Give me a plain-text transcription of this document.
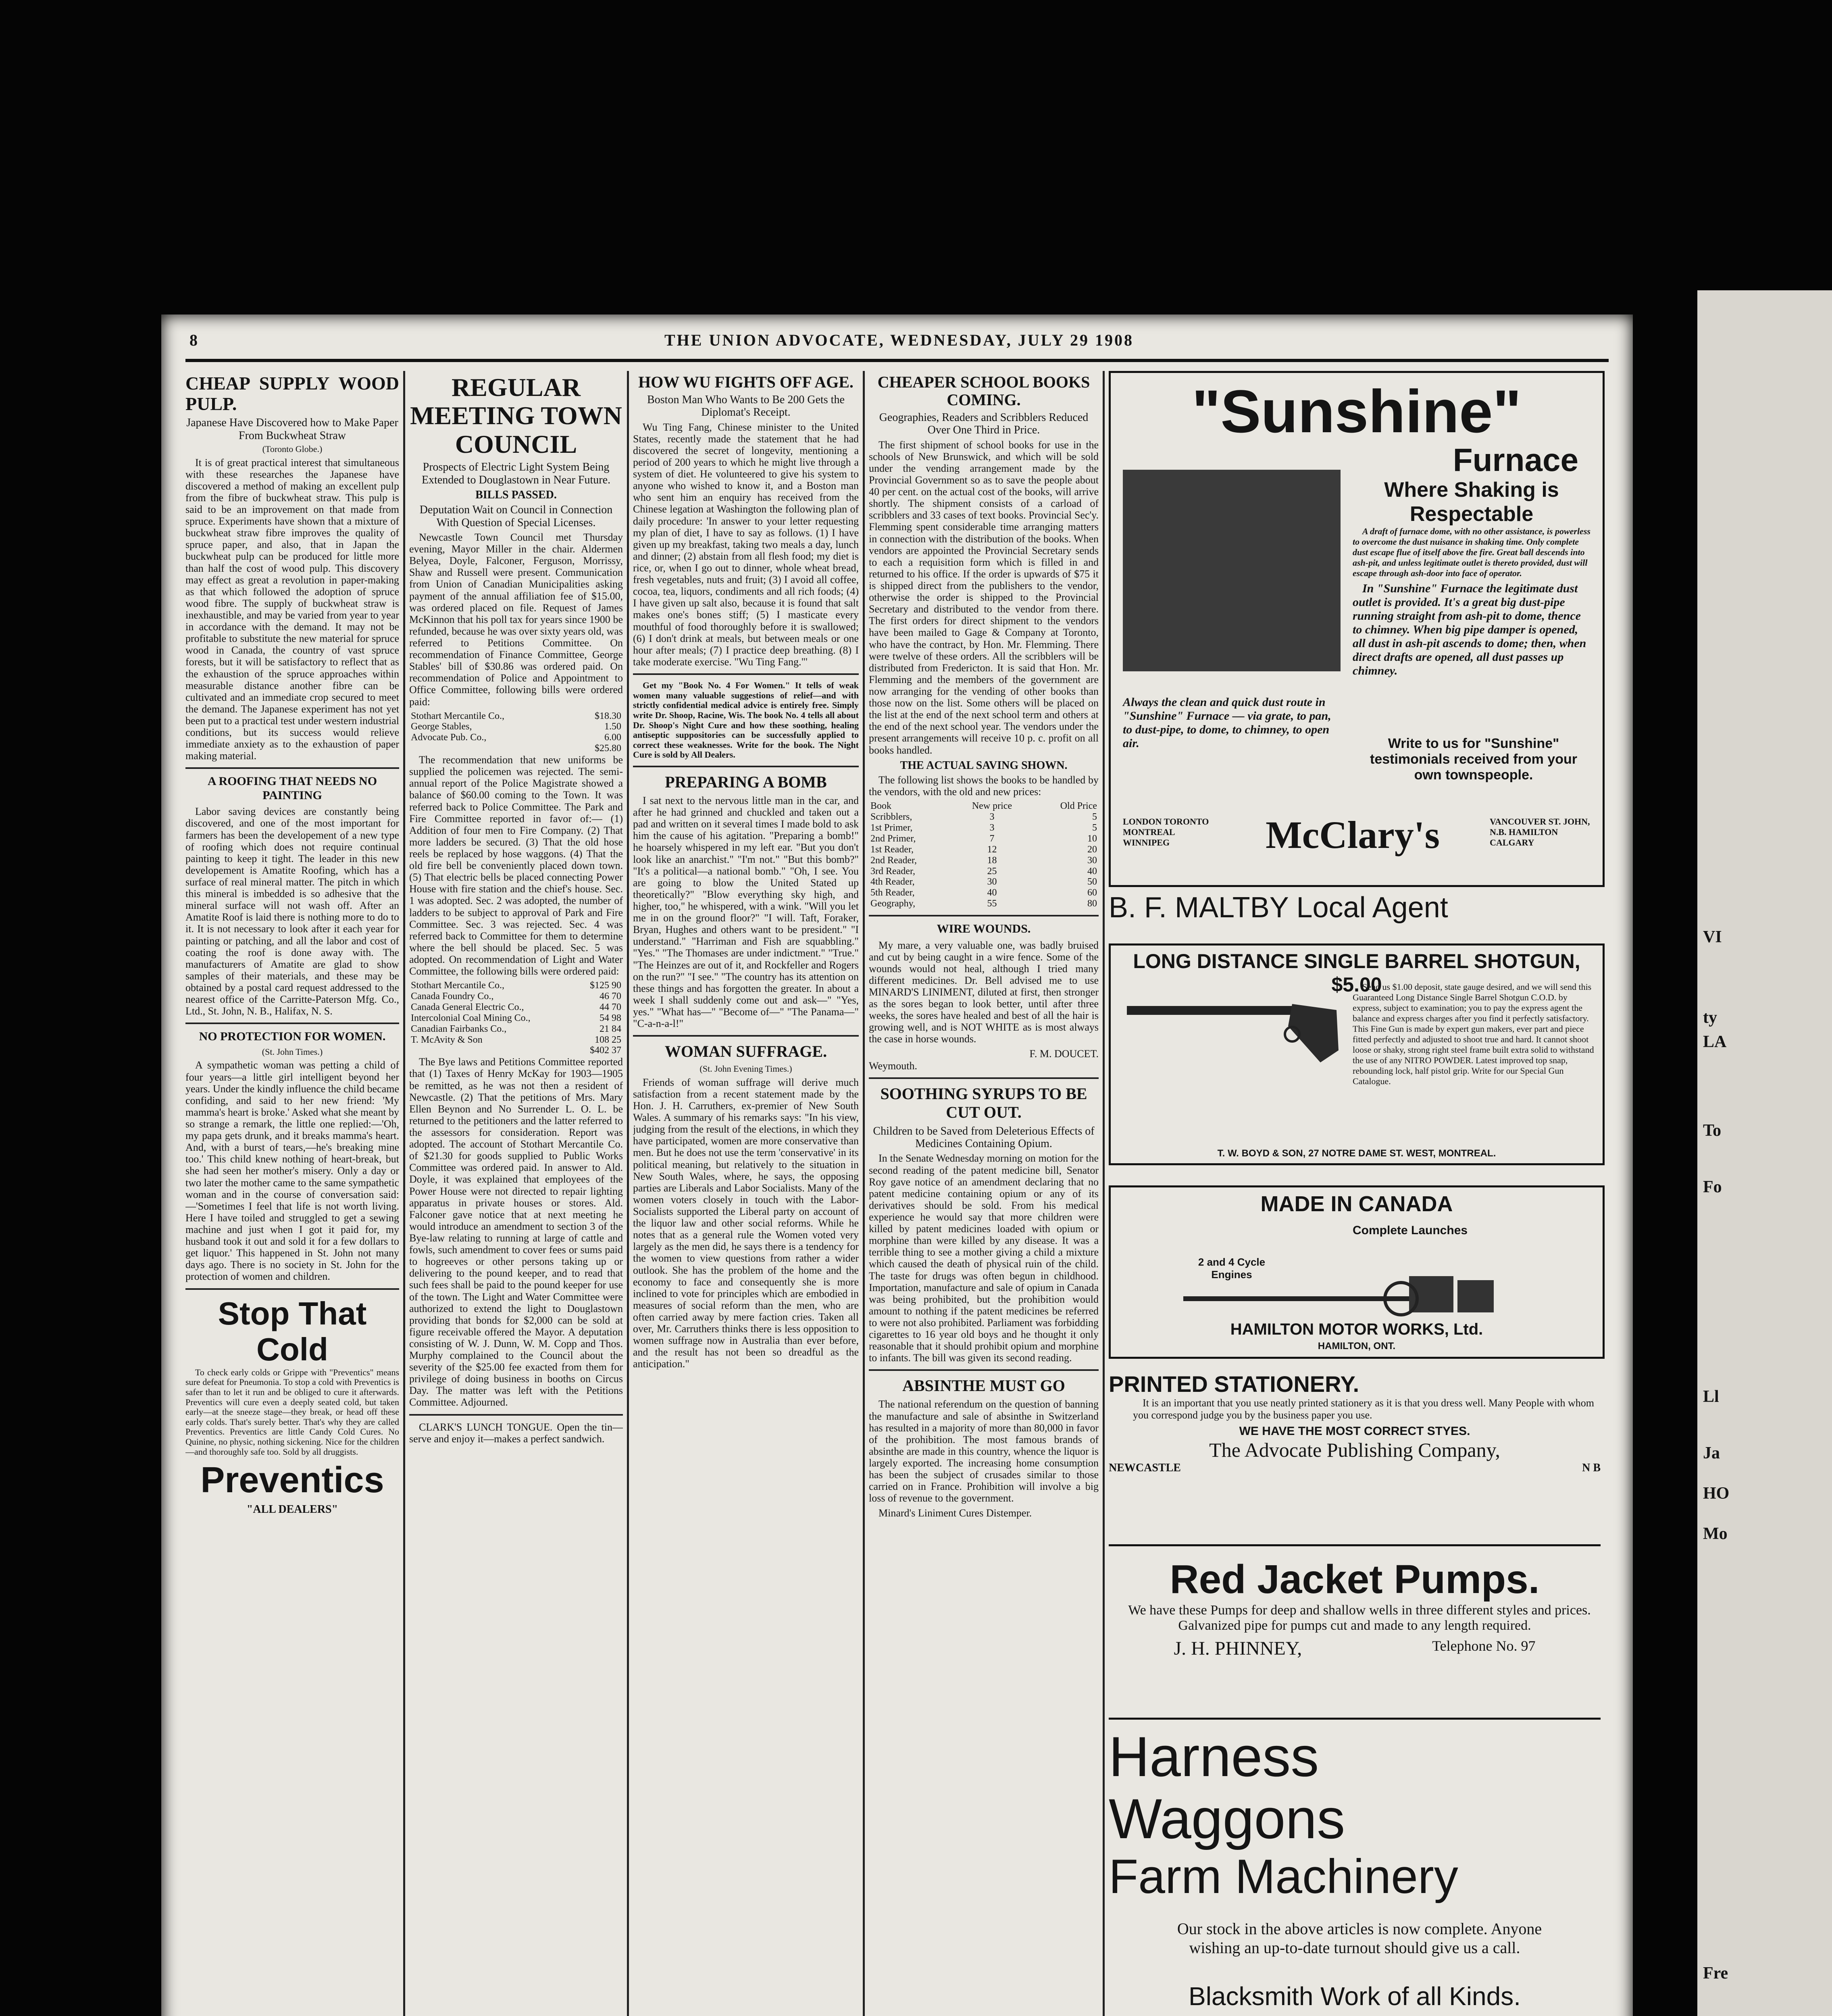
VI
ty
LA
To
Fo
Ll
Ja
HO
Mo
Fre
8	THE UNION ADVOCATE, WEDNESDAY, JULY 29 1908
CHEAP SUPPLY WOOD PULP.
Japanese Have Discovered how to Make Paper From Buckwheat Straw
(Toronto Globe.)

It is of great practical interest that simultaneous with these researches the Japanese have discovered a method of making an excellent pulp from the fibre of buckwheat straw. This pulp is said to be an improvement on that made from spruce. Experiments have shown that a mixture of buckwheat straw fibre improves the quality of spruce paper, and also, that in Japan the buckwheat pulp can be produced for little more than half the cost of wood pulp. This discovery may effect as great a revolution in paper-making as that which followed the adoption of spruce wood fibre. The supply of buckwheat straw is inexhaustible, and may be varied from year to year in accordance with the demand. It may not be profitable to substitute the new material for spruce wood in Canada, the country of vast spruce forests, but it will be satisfactory to reflect that as the exhaustion of the spruce approaches within measurable distance another fibre can be cultivated and an immediate crop secured to meet the demand. The Japanese experiment has not yet been put to a practical test under western industrial conditions, but its success would relieve immediate anxiety as to the exhaustion of paper making material.

A ROOFING THAT NEEDS NO PAINTING

Labor saving devices are constantly being discovered, and one of the most important for farmers has been the developement of a new type of roofing which does not require continual painting to keep it tight. The leader in this new developement is Amatite Roofing, which has a surface of real mineral matter. The pitch in which this mineral is imbedded is so adhesive that the mineral surface will not wash off. After an Amatite Roof is laid there is nothing more to do to it. It is not necessary to look after it each year for painting or patching, and all the labor and cost of coating the roof is done away with. The manufacturers of Amatite are glad to show samples of their materials, and these may be obtained by a postal card request addressed to the nearest office of the Carritte-Paterson Mfg. Co., Ltd., St. John, N. B., Halifax, N. S.

NO PROTECTION FOR WOMEN.
(St. John Times.)

A sympathetic woman was petting a child of four years—a little girl intelligent beyond her years. Under the kindly influence the child became confiding, and said to her new friend: 'My mamma's heart is broke.' Asked what she meant by so strange a remark, the little one replied:—'Oh, my papa gets drunk, and it breaks mamma's heart. And, with a burst of tears,—he's breaking mine too.' This child knew nothing of heart-break, but she had seen her mother's misery. Only a day or two later the mother came to the same sympathetic woman and in the course of conversation said:—'Sometimes I feel that life is not worth living. Here I have toiled and struggled to get a sewing machine and just when I got it paid for, my husband took it out and sold it for a few dollars to get liquor.' This happened in St. John not many days ago. There is no society in St. John for the protection of women and children.

Stop That Cold

To check early colds or Grippe with "Preventics" means sure defeat for Pneumonia. To stop a cold with Preventics is safer than to let it run and be obliged to cure it afterwards. Preventics will cure even a deeply seated cold, but taken early—at the sneeze stage—they break, or head off these early colds. That's surely better. That's why they are called Preventics. Preventics are little Candy Cold Cures. No Quinine, no physic, nothing sickening. Nice for the children—and thoroughly safe too. Sold by all druggists.

Preventics
"ALL DEALERS"
REGULAR MEETING TOWN COUNCIL
Prospects of Electric Light System Being Extended to Douglastown in Near Future.
BILLS PASSED.
Deputation Wait on Council in Connection With Question of Special Licenses.

Newcastle Town Council met Thursday evening, Mayor Miller in the chair. Aldermen Belyea, Doyle, Falconer, Ferguson, Morrissy, Shaw and Russell were present. Communication from Union of Canadian Municipalities asking payment of the annual affiliation fee of $15.00, was ordered placed on file. Request of James McKinnon that his poll tax for years since 1900 be refunded, because he was over sixty years old, was referred to Petitions Committee. On recommendation of Finance Committee, George Stables' bill of $30.86 was ordered paid. On recommendation of Police and Appointment to Office Committee, following bills were ordered paid:

Stothart Mercantile Co.,	$18.30
George Stables,	1.50
Advocate Pub. Co.,	6.00
	$25.80

The recommendation that new uniforms be supplied the policemen was rejected. The semi-annual report of the Police Magistrate showed a balance of $60.00 coming to the Town. It was referred back to Police Committee. The Park and Fire Committee reported in favor of:— (1) Addition of four men to Fire Company. (2) That more ladders be secured. (3) That the old hose reels be replaced by hose waggons. (4) That the old fire bell be conveniently placed down town. (5) That electric bells be placed connecting Power House with fire station and the chief's house. Sec. 1 was adopted. Sec. 2 was adopted, the number of ladders to be subject to approval of Park and Fire Committee. Sec. 3 was rejected. Sec. 4 was referred back to Committee for them to determine where the bell should be placed. Sec. 5 was adopted. On recommendation of Light and Water Committee, the following bills were ordered paid:

Stothart Mercantile Co.,	$125 90
Canada Foundry Co.,	46 70
Canada General Electric Co.,	44 70
Intercolonial Coal Mining Co.,	54 98
Canadian Fairbanks Co.,	21 84
T. McAvity & Son	108 25
	$402 37

The Bye laws and Petitions Committee reported that (1) Taxes of Henry McKay for 1903—1905 be remitted, as he was not then a resident of Newcastle. (2) That the petitions of Mrs. Mary Ellen Beynon and No Surrender L. O. L. be returned to the petitioners and the latter referred to the assessors for consideration. Report was adopted. The account of Stothart Mercantile Co. of $21.30 for goods supplied to Public Works Committee was ordered paid. In answer to Ald. Doyle, it was explained that employees of the Power House were not directed to repair lighting apparatus in private houses or stores. Ald. Falconer gave notice that at next meeting he would introduce an amendment to section 3 of the Bye-law relating to running at large of cattle and fowls, such amendment to cover fees or sums paid to hogreeves or other persons taking up or delivering to the pound keeper, and to read that such fees shall be paid to the pound keeper for use of the town. The Light and Water Committee were authorized to extend the light to Douglastown providing that bonds for $2,000 can be sold at figure receivable offered the Mayor. A deputation consisting of W. J. Dunn, W. M. Copp and Thos. Murphy complained to the Council about the severity of the $25.00 fee exacted from them for privilege of doing business in booths on Circus Day. The matter was left with the Petitions Committee. Adjourned.

CLARK'S LUNCH TONGUE. Open the tin—serve and enjoy it—makes a perfect sandwich.

HOW WU FIGHTS OFF AGE.
Boston Man Who Wants to Be 200 Gets the Diplomat's Receipt.

Wu Ting Fang, Chinese minister to the United States, recently made the statement that he had discovered the secret of longevity, mentioning a period of 200 years to which he might live through a system of diet. He volunteered to give his system to anyone who wished to know it, and a Boston man who sent him an enquiry has received from the Chinese legation at Washington the following plan of daily procedure: 'In answer to your letter requesting my plan of diet, I have to say as follows. (1) I have given up my breakfast, taking two meals a day, lunch and dinner; (2) abstain from all flesh food; my diet is rice, or, when I go out to dinner, whole wheat bread, fresh vegetables, nuts and fruit; (3) I avoid all coffee, cocoa, tea, liquors, condiments and all rich foods; (4) I have given up salt also, because it is found that salt makes one's bones stiff; (5) I masticate every mouthful of food thoroughly before it is swallowed; (6) I don't drink at meals, but between meals or one hour after meals; (7) I practice deep breathing. (8) I take moderate exercise. "Wu Ting Fang."'

Get my "Book No. 4 For Women." It tells of weak women many valuable suggestions of relief—and with strictly confidential medical advice is entirely free. Simply write Dr. Shoop, Racine, Wis. The book No. 4 tells all about Dr. Shoop's Night Cure and how these soothing, healing antiseptic suppositories can be successfully applied to correct these weaknesses. Write for the book. The Night Cure is sold by All Dealers.

PREPARING A BOMB

I sat next to the nervous little man in the car, and after he had grinned and chuckled and taken out a pad and written on it several times I made bold to ask him the cause of his agitation. "Preparing a bomb!" he hoarsely whispered in my left ear. "But you don't look like an anarchist." "I'm not." "But this bomb?" "It's a political—a national bomb." "Oh, I see. You are going to blow the United Stated up theoretically?" "Blow everything sky high, and higher, too," he whispered, with a wink. "Will you let me in on the ground floor?" "I will. Taft, Foraker, Bryan, Hughes and others want to be president." "I understand." "Harriman and Fish are squabbling." "Yes." "The Thomases are under indictment." "True." "The Heinzes are out of it, and Rockfeller and Rogers on the run?" "I see." "The country has its attention on these things and has forgotten the greater. In about a week I shall suddenly come out and ask—" "Yes, yes." "What has—" "Become of—" "The Panama—" "C-a-n-a-l!"

WOMAN SUFFRAGE.
(St. John Evening Times.)

Friends of woman suffrage will derive much satisfaction from a recent statement made by the Hon. J. H. Carruthers, ex-premier of New South Wales. A summary of his remarks says: "In his view, judging from the result of the elections, in which they have participated, women are more conservative than men. But he does not use the term 'conservative' in its political meaning, but relatively to the situation in New South Wales, where, he says, the opposing parties are Liberals and Labor Socialists. Many of the women voters closely in touch with the Labor-Socialists supported the Liberal party on account of the liquor law and other social reforms. While he notes that as a general rule the Women voted very largely as the men did, he says there is a tendency for the women to view questions from rather a wider outlook. She has the problem of the home and the economy to face and consequently she is more inclined to vote for principles which are embodied in measures of social reform than the men, who are often carried away by mere faction cries. Taken all over, Mr. Carruthers thinks there is less opposition to women suffrage now in Australia than ever before, and the result has not been so dreadful as the anticipation."

CHEAPER SCHOOL BOOKS COMING.
Geographies, Readers and Scribblers Reduced Over One Third in Price.

The first shipment of school books for use in the schools of New Brunswick, and which will be sold under the vending arrangement made by the Provincial Government so as to save the people about 40 per cent. on the actual cost of the books, will arrive shortly. The shipment consists of a carload of scribblers and 33 cases of text books. Provincial Sec'y. Flemming spent considerable time arranging matters in connection with the distribution of the books. When vendors are appointed the Provincial Secretary sends to each a requisition form which is filled in and returned to his office. If the order is upwards of $75 it is shipped direct from the publishers to the vendor, otherwise the order is shipped to the Provincial Secretary and distributed to the vendor from there. The first orders for direct shipment to the vendors have been mailed to Gage & Company at Toronto, who have the contract, by Hon. Mr. Flemming. There were twelve of these orders. All the scribblers will be distributed from Fredericton. It is said that Hon. Mr. Flemming and the members of the government are now arranging for the vending of other books than those now on the list. Some others will be placed on the list at the end of the next school term and others at the end of the next school year. The vendors under the present arrangements will receive 10 p. c. profit on all books handled.

THE ACTUAL SAVING SHOWN.

The following list shows the books to be handled by the vendors, with the old and new prices:

Book	New price	Old Price
Scribblers,	3	5
1st Primer,	3	5
2nd Primer,	7	10
1st Reader,	12	20
2nd Reader,	18	30
3rd Reader,	25	40
4th Reader,	30	50
5th Reader,	40	60
Geography,	55	80
WIRE WOUNDS.

My mare, a very valuable one, was badly bruised and cut by being caught in a wire fence. Some of the wounds would not heal, although I tried many different medicines. Dr. Bell advised me to use MINARD'S LINIMENT, diluted at first, then stronger as the sores began to look better, until after three weeks, the sores have healed and best of all the hair is growing well, and is NOT WHITE as is most always the case in horse wounds.

F. M. DOUCET.
Weymouth.
SOOTHING SYRUPS TO BE CUT OUT.
Children to be Saved from Deleterious Effects of Medicines Containing Opium.

In the Senate Wednesday morning on motion for the second reading of the patent medicine bill, Senator Roy gave notice of an amendment declaring that no patent medicine containing opium or any of its derivatives should be sold. From his medical experience he would say that more children were killed by patent medicines loaded with opium or morphine than were killed by any disease. It was a terrible thing to see a mother giving a child a mixture which caused the death of physical ruin of the child. The taste for drugs was often begun in childhood. Importation, manufacture and sale of opium in Canada was being prohibited, but the prohibition would amount to nothing if the patent medicines be referred to were not also prohibited. Parliament was forbidding cigarettes to 16 year old boys and he thought it only reasonable that it should prohibit opium and morphine to infants. The bill was given its second reading.

ABSINTHE MUST GO

The national referendum on the question of banning the manufacture and sale of absinthe in Switzerland has resulted in a majority of more than 80,000 in favor of the prohibition. The most famous brands of absinthe are made in this country, whence the liquor is largely exported. The increasing home consumption has been the subject of crusades similar to those carried on in France. Prohibition will involve a big loss of revenue to the government.

Minard's Liniment Cures Distemper.

"Sunshine"
Furnace
Where Shaking is Respectable

A draft of furnace dome, with no other assistance, is powerless to overcome the dust nuisance in shaking time. Only complete dust escape flue of itself above the fire. Great ball descends into ash-pit, and unless legitimate outlet is thereto provided, dust will escape through ash-door into face of operator.

In "Sunshine" Furnace the legitimate dust outlet is provided. It's a great big dust-pipe running straight from ash-pit to dome, thence to chimney. When big pipe damper is opened, all dust in ash-pit ascends to dome; then, when direct drafts are opened, all dust passes up chimney.

Always the clean and quick dust route in "Sunshine" Furnace — via grate, to pan, to dust-pipe, to dome, to chimney, to open air.	Write to us for "Sunshine" testimonials received from your own townspeople.
LONDON TORONTO MONTREAL WINNIPEG	McClary's	VANCOUVER ST. JOHN, N.B. HAMILTON CALGARY
B. F. MALTBY Local Agent
LONG DISTANCE SINGLE BARREL SHOTGUN, $5.00

Send us $1.00 deposit, state gauge desired, and we will send this Guaranteed Long Distance Single Barrel Shotgun C.O.D. by express, subject to examination; you to pay the express agent the balance and express charges after you find it perfectly satisfactory. This Fine Gun is made by expert gun makers, ever part and piece fitted perfectly and adjusted to shoot true and hard. It cannot shoot loose or shaky, strong right steel frame built extra solid to withstand the use of any NITRO POWDER. Latest improved top snap, rebounding lock, half pistol grip. Write for our Special Gun Catalogue.

T. W. BOYD & SON, 27 NOTRE DAME ST. WEST, MONTREAL.
MADE IN CANADA
Complete Launches
2 and 4 Cycle Engines
HAMILTON MOTOR WORKS, Ltd.
HAMILTON, ONT.
PRINTED STATIONERY.

It is an important that you use neatly printed stationery as it is that you dress well. Many People with whom you correspond judge you by the business paper you use.

WE HAVE THE MOST CORRECT STYES.
The Advocate Publishing Company,
NEWCASTLE	N B
Red Jacket Pumps.

We have these Pumps for deep and shallow wells in three different styles and prices. Galvanized pipe for pumps cut and made to any length required.

J. H. PHINNEY,	Telephone No. 97
Harness
Waggons
Farm Machinery

Our stock in the above articles is now complete. Anyone wishing an up-to-date turnout should give us a call.

Blacksmith Work of all Kinds.
